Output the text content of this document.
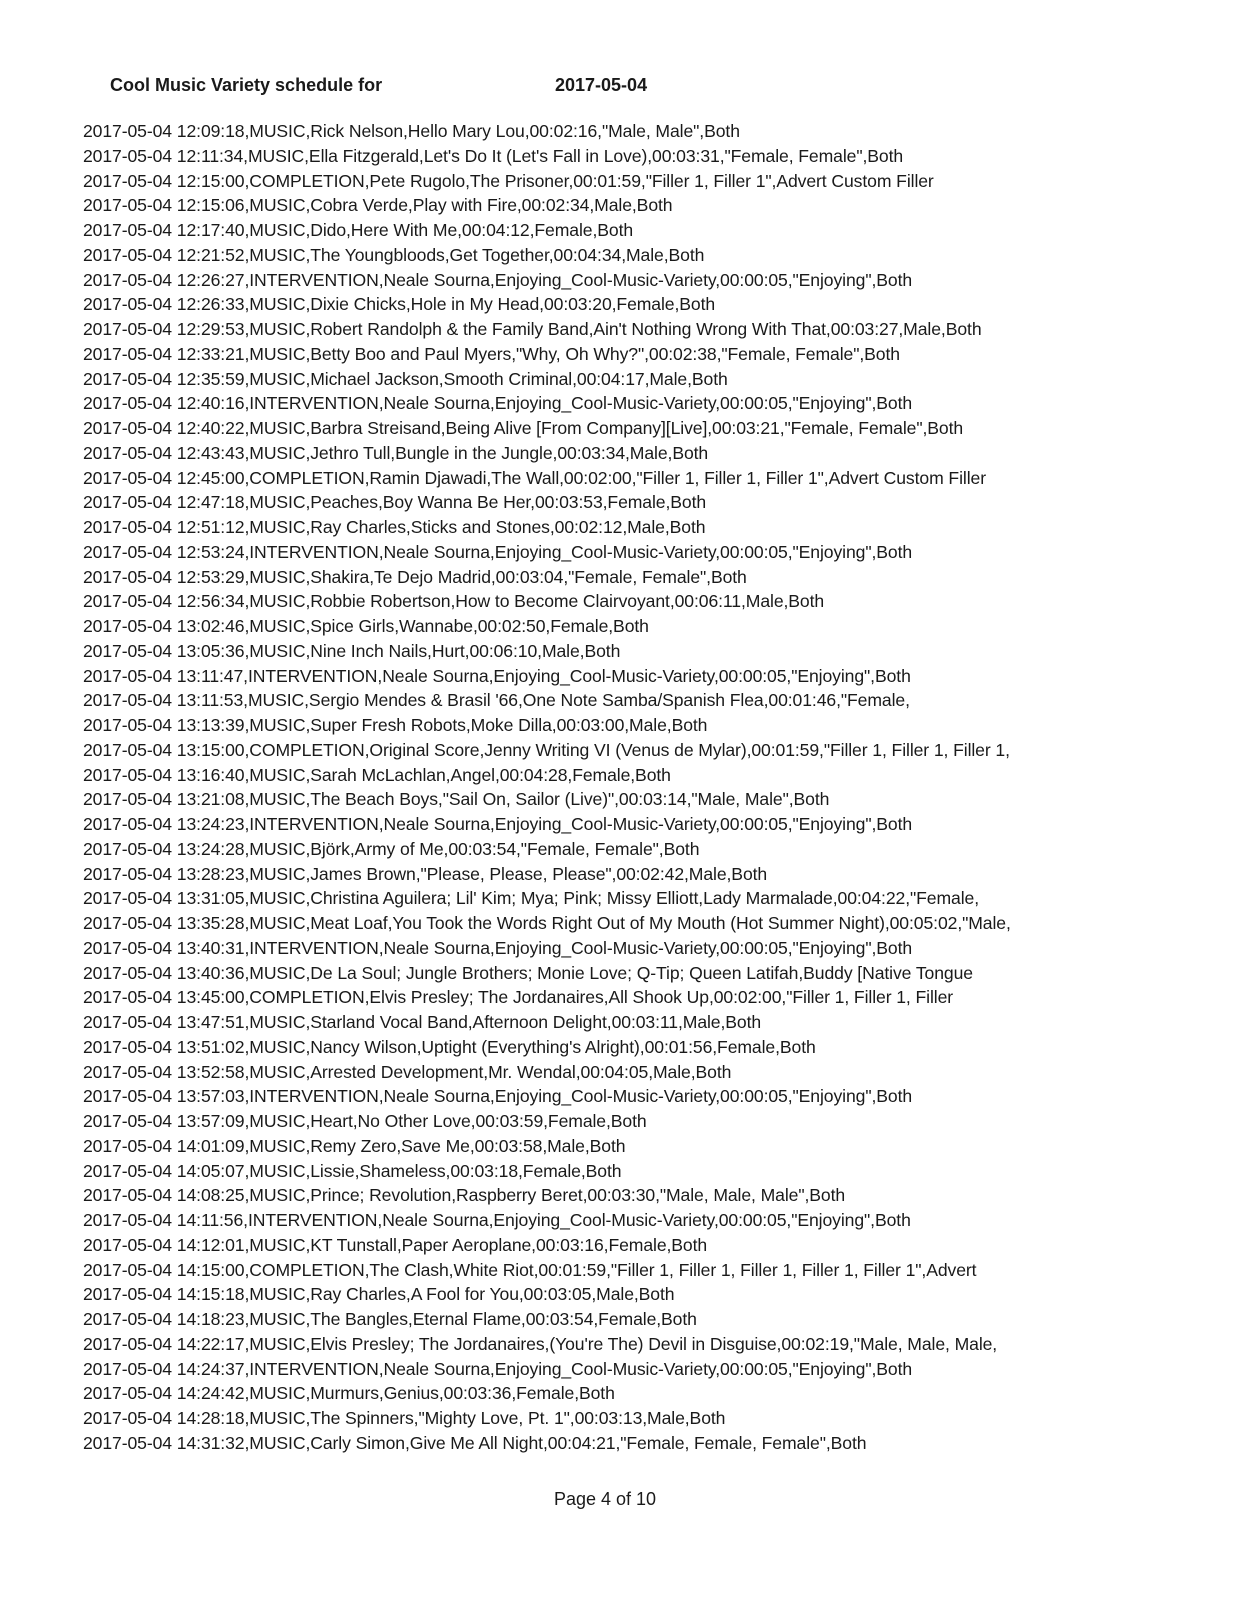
Cool Music Variety schedule for	2017-05-04
2017-05-04 12:09:18,MUSIC,Rick Nelson,Hello Mary Lou,00:02:16,"Male, Male",Both
2017-05-04 12:11:34,MUSIC,Ella Fitzgerald,Let's Do It (Let's Fall in Love),00:03:31,"Female, Female",Both
2017-05-04 12:15:00,COMPLETION,Pete Rugolo,The Prisoner,00:01:59,"Filler 1, Filler 1",Advert Custom Filler
2017-05-04 12:15:06,MUSIC,Cobra Verde,Play with Fire,00:02:34,Male,Both
2017-05-04 12:17:40,MUSIC,Dido,Here With Me,00:04:12,Female,Both
2017-05-04 12:21:52,MUSIC,The Youngbloods,Get Together,00:04:34,Male,Both
2017-05-04 12:26:27,INTERVENTION,Neale Sourna,Enjoying_Cool-Music-Variety,00:00:05,"Enjoying",Both
2017-05-04 12:26:33,MUSIC,Dixie Chicks,Hole in My Head,00:03:20,Female,Both
2017-05-04 12:29:53,MUSIC,Robert Randolph & the Family Band,Ain't Nothing Wrong With That,00:03:27,Male,Both
2017-05-04 12:33:21,MUSIC,Betty Boo and Paul Myers,"Why, Oh Why?",00:02:38,"Female, Female",Both
2017-05-04 12:35:59,MUSIC,Michael Jackson,Smooth Criminal,00:04:17,Male,Both
2017-05-04 12:40:16,INTERVENTION,Neale Sourna,Enjoying_Cool-Music-Variety,00:00:05,"Enjoying",Both
2017-05-04 12:40:22,MUSIC,Barbra Streisand,Being Alive [From Company][Live],00:03:21,"Female, Female",Both
2017-05-04 12:43:43,MUSIC,Jethro Tull,Bungle in the Jungle,00:03:34,Male,Both
2017-05-04 12:45:00,COMPLETION,Ramin Djawadi,The Wall,00:02:00,"Filler 1, Filler 1, Filler 1",Advert Custom Filler
2017-05-04 12:47:18,MUSIC,Peaches,Boy Wanna Be Her,00:03:53,Female,Both
2017-05-04 12:51:12,MUSIC,Ray Charles,Sticks and Stones,00:02:12,Male,Both
2017-05-04 12:53:24,INTERVENTION,Neale Sourna,Enjoying_Cool-Music-Variety,00:00:05,"Enjoying",Both
2017-05-04 12:53:29,MUSIC,Shakira,Te Dejo Madrid,00:03:04,"Female, Female",Both
2017-05-04 12:56:34,MUSIC,Robbie Robertson,How to Become Clairvoyant,00:06:11,Male,Both
2017-05-04 13:02:46,MUSIC,Spice Girls,Wannabe,00:02:50,Female,Both
2017-05-04 13:05:36,MUSIC,Nine Inch Nails,Hurt,00:06:10,Male,Both
2017-05-04 13:11:47,INTERVENTION,Neale Sourna,Enjoying_Cool-Music-Variety,00:00:05,"Enjoying",Both
2017-05-04 13:11:53,MUSIC,Sergio Mendes & Brasil '66,One Note Samba/Spanish Flea,00:01:46,"Female,
2017-05-04 13:13:39,MUSIC,Super Fresh Robots,Moke Dilla,00:03:00,Male,Both
2017-05-04 13:15:00,COMPLETION,Original Score,Jenny Writing VI (Venus de Mylar),00:01:59,"Filler 1, Filler 1, Filler 1,
2017-05-04 13:16:40,MUSIC,Sarah McLachlan,Angel,00:04:28,Female,Both
2017-05-04 13:21:08,MUSIC,The Beach Boys,"Sail On, Sailor (Live)",00:03:14,"Male, Male",Both
2017-05-04 13:24:23,INTERVENTION,Neale Sourna,Enjoying_Cool-Music-Variety,00:00:05,"Enjoying",Both
2017-05-04 13:24:28,MUSIC,Björk,Army of Me,00:03:54,"Female, Female",Both
2017-05-04 13:28:23,MUSIC,James Brown,"Please, Please, Please",00:02:42,Male,Both
2017-05-04 13:31:05,MUSIC,Christina Aguilera; Lil' Kim; Mya; Pink; Missy Elliott,Lady Marmalade,00:04:22,"Female,
2017-05-04 13:35:28,MUSIC,Meat Loaf,You Took the Words Right Out of My Mouth (Hot Summer Night),00:05:02,"Male,
2017-05-04 13:40:31,INTERVENTION,Neale Sourna,Enjoying_Cool-Music-Variety,00:00:05,"Enjoying",Both
2017-05-04 13:40:36,MUSIC,De La Soul; Jungle Brothers; Monie Love; Q-Tip; Queen Latifah,Buddy [Native Tongue
2017-05-04 13:45:00,COMPLETION,Elvis Presley; The Jordanaires,All Shook Up,00:02:00,"Filler 1, Filler 1, Filler
2017-05-04 13:47:51,MUSIC,Starland Vocal Band,Afternoon Delight,00:03:11,Male,Both
2017-05-04 13:51:02,MUSIC,Nancy Wilson,Uptight (Everything's Alright),00:01:56,Female,Both
2017-05-04 13:52:58,MUSIC,Arrested Development,Mr. Wendal,00:04:05,Male,Both
2017-05-04 13:57:03,INTERVENTION,Neale Sourna,Enjoying_Cool-Music-Variety,00:00:05,"Enjoying",Both
2017-05-04 13:57:09,MUSIC,Heart,No Other Love,00:03:59,Female,Both
2017-05-04 14:01:09,MUSIC,Remy Zero,Save Me,00:03:58,Male,Both
2017-05-04 14:05:07,MUSIC,Lissie,Shameless,00:03:18,Female,Both
2017-05-04 14:08:25,MUSIC,Prince; Revolution,Raspberry Beret,00:03:30,"Male, Male, Male",Both
2017-05-04 14:11:56,INTERVENTION,Neale Sourna,Enjoying_Cool-Music-Variety,00:00:05,"Enjoying",Both
2017-05-04 14:12:01,MUSIC,KT Tunstall,Paper Aeroplane,00:03:16,Female,Both
2017-05-04 14:15:00,COMPLETION,The Clash,White Riot,00:01:59,"Filler 1, Filler 1, Filler 1, Filler 1, Filler 1",Advert
2017-05-04 14:15:18,MUSIC,Ray Charles,A Fool for You,00:03:05,Male,Both
2017-05-04 14:18:23,MUSIC,The Bangles,Eternal Flame,00:03:54,Female,Both
2017-05-04 14:22:17,MUSIC,Elvis Presley; The Jordanaires,(You're The) Devil in Disguise,00:02:19,"Male, Male, Male,
2017-05-04 14:24:37,INTERVENTION,Neale Sourna,Enjoying_Cool-Music-Variety,00:00:05,"Enjoying",Both
2017-05-04 14:24:42,MUSIC,Murmurs,Genius,00:03:36,Female,Both
2017-05-04 14:28:18,MUSIC,The Spinners,"Mighty Love, Pt. 1",00:03:13,Male,Both
2017-05-04 14:31:32,MUSIC,Carly Simon,Give Me All Night,00:04:21,"Female, Female, Female",Both
Page 4 of 10
